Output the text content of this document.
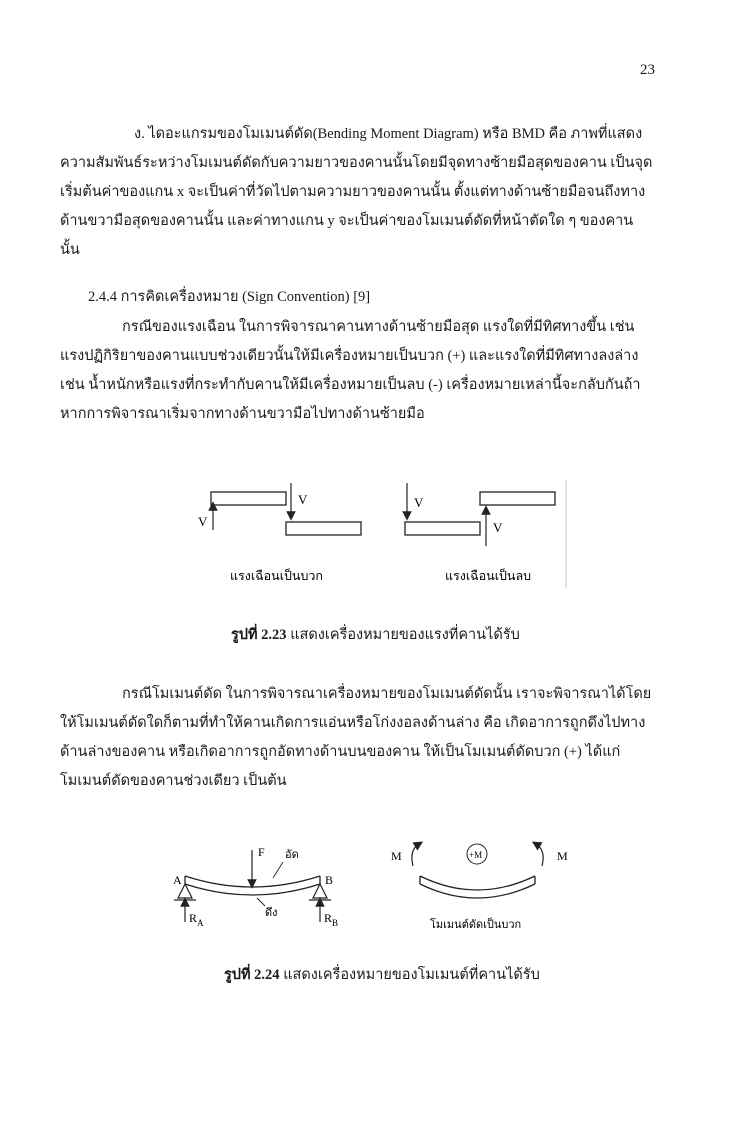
23
ง. ไดอะแกรมของโมเมนต์ดัด(Bending Moment Diagram) หรือ BMD คือ ภาพที่แสดง
ความสัมพันธ์ระหว่างโมเมนต์ดัดกับความยาวของคานนั้นโดยมีจุดทางซ้ายมือสุดของคาน เป็นจุด
เริ่มต้นค่าของแกน x จะเป็นค่าที่วัดไปตามความยาวของคานนั้น ตั้งแต่ทางด้านซ้ายมือจนถึงทาง
ด้านขวามือสุดของคานนั้น และค่าทางแกน y จะเป็นค่าของโมเมนต์ดัดที่หน้าตัดใด ๆ ของคาน
นั้น
2.4.4 การคิดเครื่องหมาย (Sign Convention) [9]
กรณีของแรงเฉือน ในการพิจารณาคานทางด้านซ้ายมือสุด แรงใดที่มีทิศทางขึ้น เช่น
แรงปฏิกิริยาของคานแบบช่วงเดียวนั้นให้มีเครื่องหมายเป็นบวก (+) และแรงใดที่มีทิศทางลงล่าง
เช่น น้ำหนักหรือแรงที่กระทำกับคานให้มีเครื่องหมายเป็นลบ (-) เครื่องหมายเหล่านี้จะกลับกันถ้า
หากการพิจารณาเริ่มจากทางด้านขวามือไปทางด้านซ้ายมือ
V
V
V
V
แรงเฉือนเป็นบวก	แรงเฉือนเป็นลบ
รูปที่ 2.23 แสดงเครื่องหมายของแรงที่คานได้รับ
กรณีโมเมนต์ดัด ในการพิจารณาเครื่องหมายของโมเมนต์ดัดนั้น เราจะพิจารณาได้โดย
ให้โมเมนต์ดัดใดก็ตามที่ทำให้คานเกิดการแอ่นหรือโก่งงอลงด้านล่าง คือ เกิดอาการถูกดึงไปทาง
ด้านล่างของคาน หรือเกิดอาการถูกอัดทางด้านบนของคาน ให้เป็นโมเมนต์ดัดบวก (+) ได้แก่
โมเมนต์ดัดของคานช่วงเดียว เป็นต้น
F อัด
ดึง
A	B
$R_A$	$R_B$
M	M
+M
โมเมนต์ดัดเป็นบวก
รูปที่ 2.24 แสดงเครื่องหมายของโมเมนต์ที่คานได้รับ
